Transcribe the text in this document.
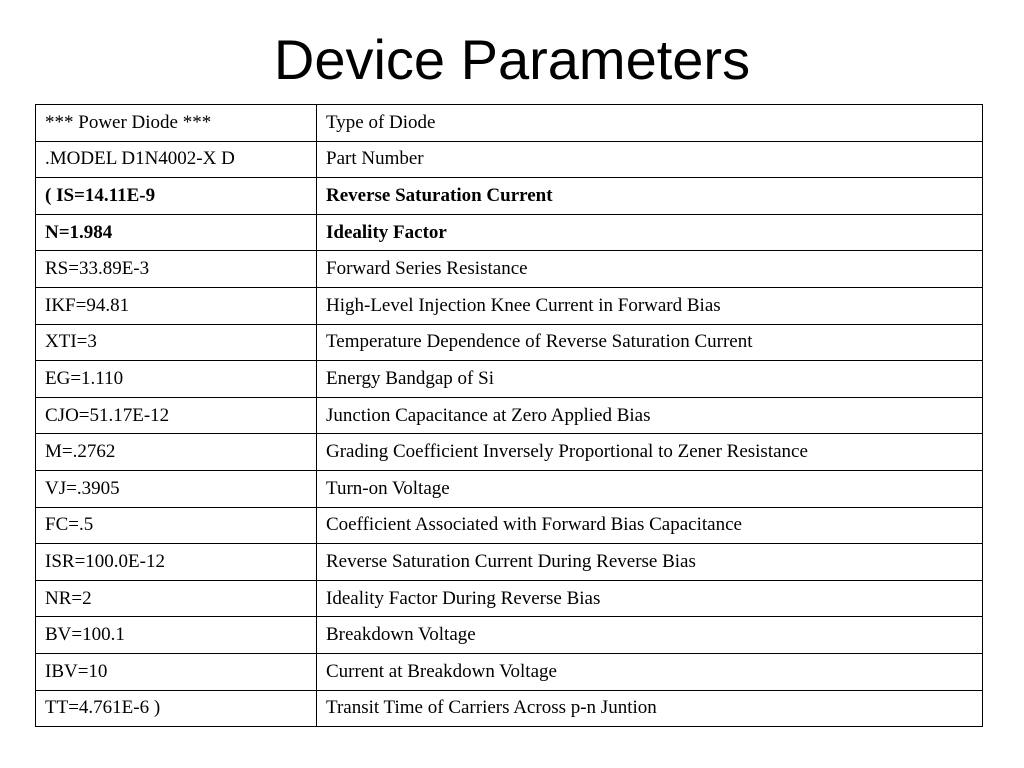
Device Parameters
*** Power Diode ***	Type of Diode
.MODEL D1N4002-X D	Part Number
( IS=14.11E-9	Reverse Saturation Current
N=1.984	Ideality Factor
RS=33.89E-3	Forward Series Resistance
IKF=94.81	High-Level Injection Knee Current in Forward Bias
XTI=3	Temperature Dependence of Reverse Saturation Current
EG=1.110	Energy Bandgap of Si
CJO=51.17E-12	Junction Capacitance at Zero Applied Bias
M=.2762	Grading Coefficient Inversely Proportional to Zener Resistance
VJ=.3905	Turn-on Voltage
FC=.5	Coefficient Associated with Forward Bias Capacitance
ISR=100.0E-12	Reverse Saturation Current During Reverse Bias
NR=2	Ideality Factor During Reverse Bias
BV=100.1	Breakdown Voltage
IBV=10	Current at Breakdown Voltage
TT=4.761E-6 )	Transit Time of Carriers Across p-n Juntion
